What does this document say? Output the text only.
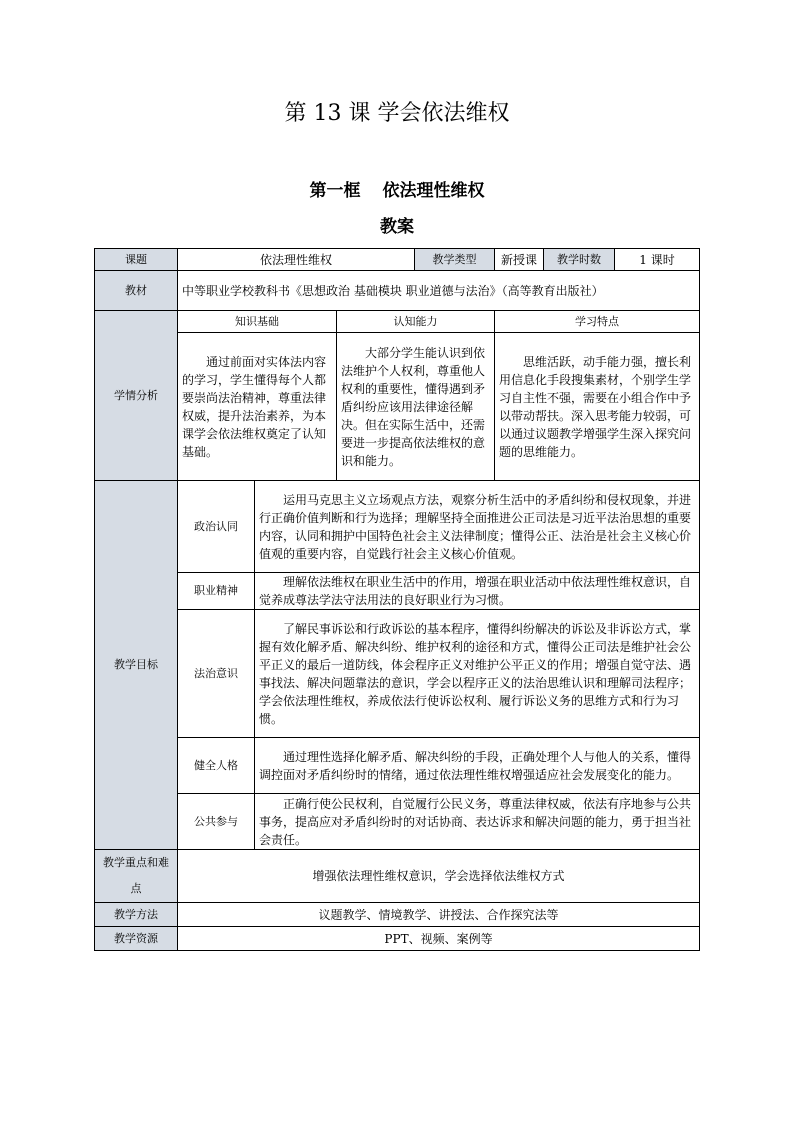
第 13 课 学会依法维权
第一框 依法理性维权
教案
课题	依法理性维权			教学类型	新授课	教学时数	1 课时
教材	中等职业学校教科书《思想政治 基础模块 职业道德与法治》（高等教育出版社）						
学情分析	知识基础		认知能力		学习特点		
	通过前面对实体法内容的学习，学生懂得每个人都要崇尚法治精神，尊重法律权威，提升法治素养，为本课学会依法维权奠定了认知基础。		大部分学生能认识到依法维护个人权利，尊重他人权利的重要性，懂得遇到矛盾纠纷应该用法律途径解决。但在实际生活中，还需要进一步提高依法维权的意识和能力。		思维活跃，动手能力强，擅长利用信息化手段搜集素材，个别学生学习自主性不强，需要在小组合作中予以带动帮扶。深入思考能力较弱，可以通过议题教学增强学生深入探究问题的思维能力。		
教学目标	政治认同	运用马克思主义立场观点方法，观察分析生活中的矛盾纠纷和侵权现象，并进行正确价值判断和行为选择；理解坚持全面推进公正司法是习近平法治思想的重要内容，认同和拥护中国特色社会主义法律制度；懂得公正、法治是社会主义核心价值观的重要内容，自觉践行社会主义核心价值观。					
	职业精神	理解依法维权在职业生活中的作用，增强在职业活动中依法理性维权意识，自觉养成尊法学法守法用法的良好职业行为习惯。					
	法治意识	了解民事诉讼和行政诉讼的基本程序，懂得纠纷解决的诉讼及非诉讼方式，掌握有效化解矛盾、解决纠纷、维护权利的途径和方式，懂得公正司法是维护社会公平正义的最后一道防线，体会程序正义对维护公平正义的作用；增强自觉守法、遇事找法、解决问题靠法的意识，学会以程序正义的法治思维认识和理解司法程序；学会依法理性维权，养成依法行使诉讼权利、履行诉讼义务的思维方式和行为习惯。					
	健全人格	通过理性选择化解矛盾、解决纠纷的手段，正确处理个人与他人的关系，懂得调控面对矛盾纠纷时的情绪，通过依法理性维权增强适应社会发展变化的能力。					
	公共参与	正确行使公民权利，自觉履行公民义务，尊重法律权威，依法有序地参与公共事务，提高应对矛盾纠纷时的对话协商、表达诉求和解决问题的能力，勇于担当社会责任。					
教学重点和难点	增强依法理性维权意识，学会选择依法维权方式						
教学方法	议题教学、情境教学、讲授法、合作探究法等						
教学资源	PPT、视频、案例等						
